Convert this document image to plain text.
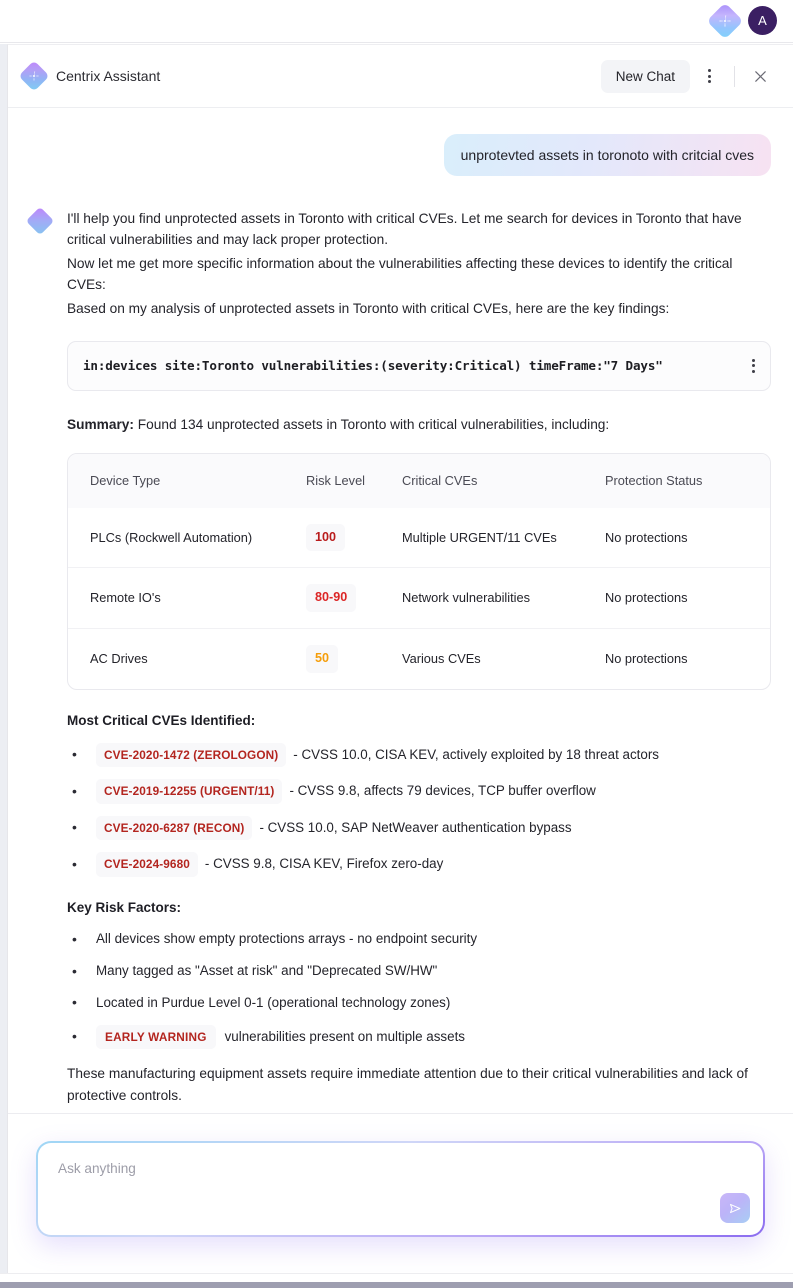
A
Centrix Assistant	New Chat
unprotevted assets in toronoto with critcial cves

I'll help you find unprotected assets in Toronto with critical CVEs. Let me search for devices in Toronto that have critical vulnerabilities and may lack proper protection.

Now let me get more specific information about the vulnerabilities affecting these devices to identify the critical CVEs:

Based on my analysis of unprotected assets in Toronto with critical CVEs, here are the key findings:

in:devices site:Toronto vulnerabilities:(severity:Critical) timeFrame:"7 Days"
Summary: Found 134 unprotected assets in Toronto with critical vulnerabilities, including:
Device Type	Risk Level	Critical CVEs	Protection Status
PLCs (Rockwell Automation)	100	Multiple URGENT/11 CVEs	No protections
Remote IO's	80-90	Network vulnerabilities	No protections
AC Drives	50	Various CVEs	No protections
Most Critical CVEs Identified:
• CVE-2020-1472 (ZEROLOGON)	- CVSS 10.0, CISA KEV, actively exploited by 18 threat actors
• CVE-2019-12255 (URGENT/11)	- CVSS 9.8, affects 79 devices, TCP buffer overflow
• CVE-2020-6287 (RECON)	- CVSS 10.0, SAP NetWeaver authentication bypass
• CVE-2024-9680	- CVSS 9.8, CISA KEV, Firefox zero-day
Key Risk Factors:
• All devices show empty protections arrays - no endpoint security
• Many tagged as "Asset at risk" and "Deprecated SW/HW"
• Located in Purdue Level 0-1 (operational technology zones)
• EARLY WARNING	vulnerabilities present on multiple assets
These manufacturing equipment assets require immediate attention due to their critical vulnerabilities and lack of protective controls.
Ask anything
